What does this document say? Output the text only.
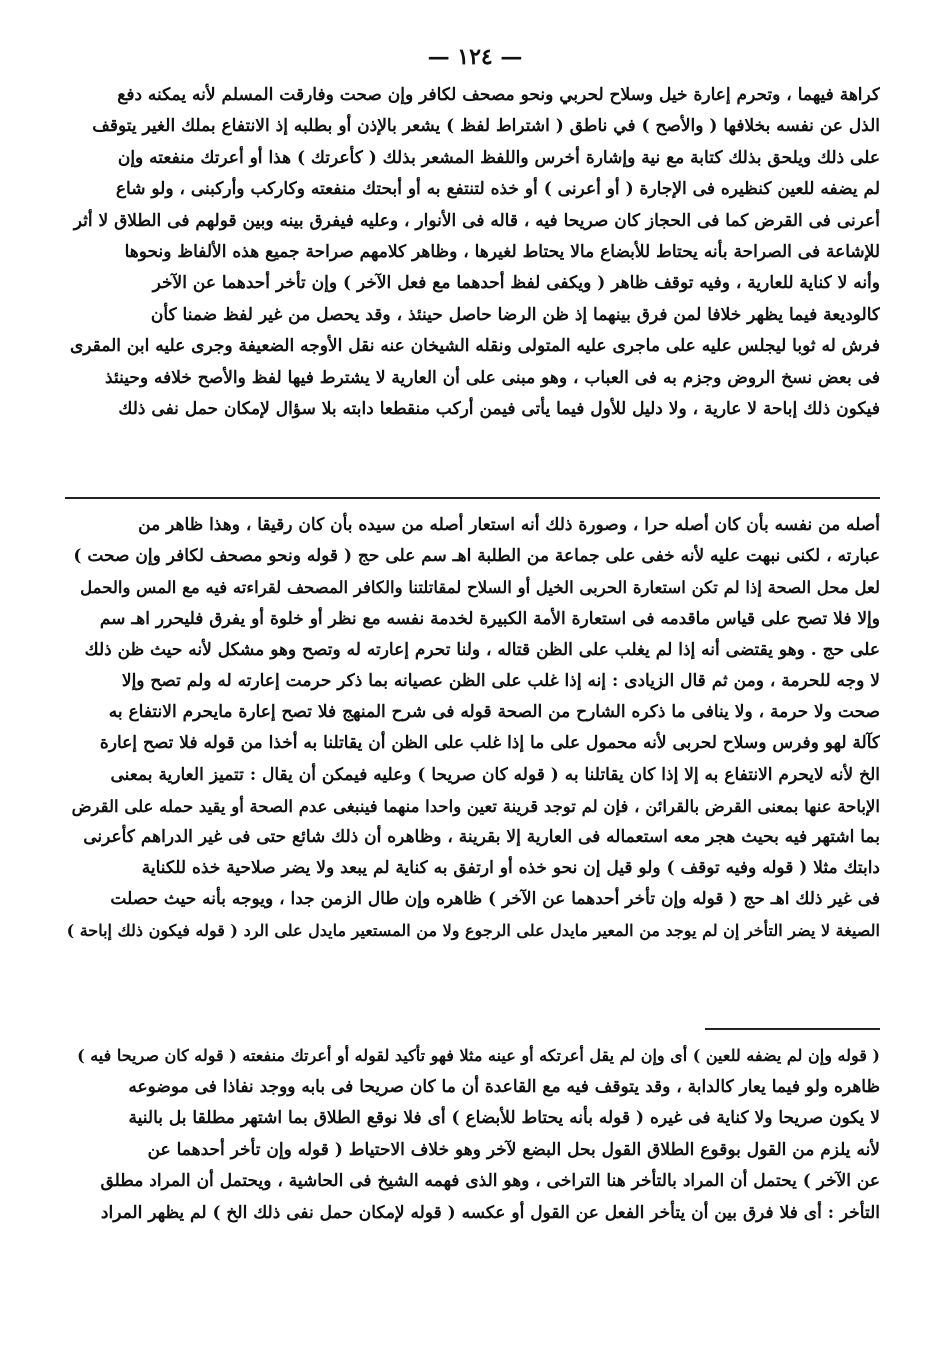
— ١٢٤ —
كراهة فيهما ، وتحرم إعارة خيل وسلاح لحربي ونحو مصحف لكافر وإن صحت وفارقت المسلم لأنه يمكنه دفع
الذل عن نفسه بخلافها ( والأصح ) في ناطق ( اشتراط لفظ ) يشعر بالإذن أو بطلبه إذ الانتفاع بملك الغير يتوقف
على ذلك ويلحق بذلك كتابة مع نية وإشارة أخرس واللفظ المشعر بذلك ( كأعرتك ) هذا أو أعرتك منفعته وإن
لم يضفه للعين كنظيره فى الإجارة ( أو أعرنى ) أو خذه لتنتفع به أو أبحتك منفعته وكاركب وأركبنى ، ولو شاع
أعرنى فى القرض كما فى الحجاز كان صريحا فيه ، قاله فى الأنوار ، وعليه فيفرق بينه وبين قولهم فى الطلاق لا أثر
للإشاعة فى الصراحة بأنه يحتاط للأبضاع مالا يحتاط لغيرها ، وظاهر كلامهم صراحة جميع هذه الألفاظ ونحوها
وأنه لا كناية للعارية ، وفيه توقف ظاهر ( ويكفى لفظ أحدهما مع فعل الآخر ) وإن تأخر أحدهما عن الآخر
كالوديعة فيما يظهر خلافا لمن فرق بينهما إذ ظن الرضا حاصل حينئذ ، وقد يحصل من غير لفظ ضمنا كأن
فرش له ثوبا ليجلس عليه على ماجرى عليه المتولى ونقله الشيخان عنه نقل الأوجه الضعيفة وجرى عليه ابن المقرى
فى بعض نسخ الروض وجزم به فى العباب ، وهو مبنى على أن العارية لا يشترط فيها لفظ والأصح خلافه وحينئذ
فيكون ذلك إباحة لا عارية ، ولا دليل للأول فيما يأتى فيمن أركب منقطعا دابته بلا سؤال لإمكان حمل نفى ذلك
أصله من نفسه بأن كان أصله حرا ، وصورة ذلك أنه استعار أصله من سيده بأن كان رقيقا ، وهذا ظاهر من
عبارته ، لكنى نبهت عليه لأنه خفى على جماعة من الطلبة اهـ سم على حج ( قوله ونحو مصحف لكافر وإن صحت )
لعل محل الصحة إذا لم تكن استعارة الحربى الخيل أو السلاح لمقاتلتنا والكافر المصحف لقراءته فيه مع المس والحمل
وإلا فلا تصح على قياس ماقدمه فى استعارة الأمة الكبيرة لخدمة نفسه مع نظر أو خلوة أو يفرق فليحرر اهـ سم
على حج . وهو يقتضى أنه إذا لم يغلب على الظن قتاله ، ولنا تحرم إعارته له وتصح وهو مشكل لأنه حيث ظن ذلك
لا وجه للحرمة ، ومن ثم قال الزيادى : إنه إذا غلب على الظن عصيانه بما ذكر حرمت إعارته له ولم تصح وإلا
صحت ولا حرمة ، ولا ينافى ما ذكره الشارح من الصحة قوله فى شرح المنهج فلا تصح إعارة مايحرم الانتفاع به
كآلة لهو وفرس وسلاح لحربى لأنه محمول على ما إذا غلب على الظن أن يقاتلنا به أخذا من قوله فلا تصح إعارة
الخ لأنه لايحرم الانتفاع به إلا إذا كان يقاتلنا به ( قوله كان صريحا ) وعليه فيمكن أن يقال : تتميز العارية بمعنى
الإباحة عنها بمعنى القرض بالقرائن ، فإن لم توجد قرينة تعين واحدا منهما فينبغى عدم الصحة أو يقيد حمله على القرض
بما اشتهر فيه بحيث هجر معه استعماله فى العارية إلا بقرينة ، وظاهره أن ذلك شائع حتى فى غير الدراهم كأعرنى
دابتك مثلا ( قوله وفيه توقف ) ولو قيل إن نحو خذه أو ارتفق به كناية لم يبعد ولا يضر صلاحية خذه للكناية
فى غير ذلك اهـ حج ( قوله وإن تأخر أحدهما عن الآخر ) ظاهره وإن طال الزمن جدا ، ويوجه بأنه حيث حصلت
الصيغة لا يضر التأخر إن لم يوجد من المعير مايدل على الرجوع ولا من المستعير مايدل على الرد ( قوله فيكون ذلك إباحة )
( قوله وإن لم يضفه للعين ) أى وإن لم يقل أعرتكه أو عينه مثلا فهو تأكيد لقوله أو أعرتك منفعته ( قوله كان صريحا فيه )
ظاهره ولو فيما يعار كالدابة ، وقد يتوقف فيه مع القاعدة أن ما كان صريحا فى بابه ووجد نفاذا فى موضوعه
لا يكون صريحا ولا كناية فى غيره ( قوله بأنه يحتاط للأبضاع ) أى فلا نوقع الطلاق بما اشتهر مطلقا بل بالنية
لأنه يلزم من القول بوقوع الطلاق القول بحل البضع لآخر وهو خلاف الاحتياط ( قوله وإن تأخر أحدهما عن
عن الآخر ) يحتمل أن المراد بالتأخر هنا التراخى ، وهو الذى فهمه الشيخ فى الحاشية ، ويحتمل أن المراد مطلق
التأخر : أى فلا فرق بين أن يتأخر الفعل عن القول أو عكسه ( قوله لإمكان حمل نفى ذلك الخ ) لم يظهر المراد
